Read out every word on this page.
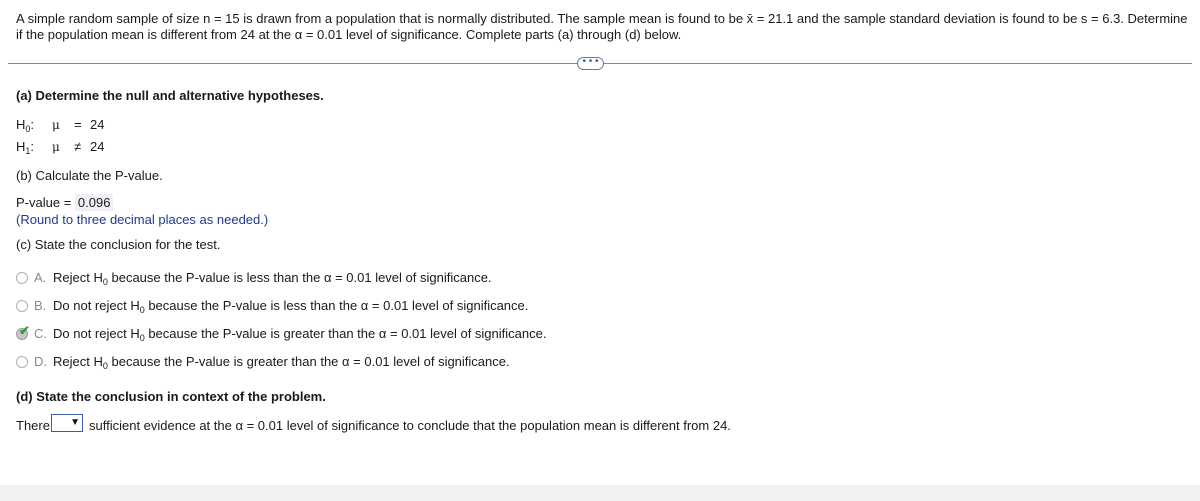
A simple random sample of size n = 15 is drawn from a population that is normally distributed. The sample mean is found to be x̄ = 21.1 and the sample standard deviation is found to be s = 6.3. Determine if the population mean is different from 24 at the α = 0.01 level of significance. Complete parts (a) through (d) below.
• • •
(a) Determine the null and alternative hypotheses.
$H_0$: μ = 24
$H_1$: μ ≠ 24
(b) Calculate the P-value.
P-value = 0.096
(Round to three decimal places as needed.)
(c) State the conclusion for the test.
A. Reject $H_0$ because the P-value is less than the α = 0.01 level of significance.
B. Do not reject $H_0$ because the P-value is less than the α = 0.01 level of significance.
✔ C. Do not reject $H_0$ because the P-value is greater than the α = 0.01 level of significance.
D. Reject $H_0$ because the P-value is greater than the α = 0.01 level of significance.
(d) State the conclusion in context of the problem.
There ▼ sufficient evidence at the α = 0.01 level of significance to conclude that the population mean is different from 24.
